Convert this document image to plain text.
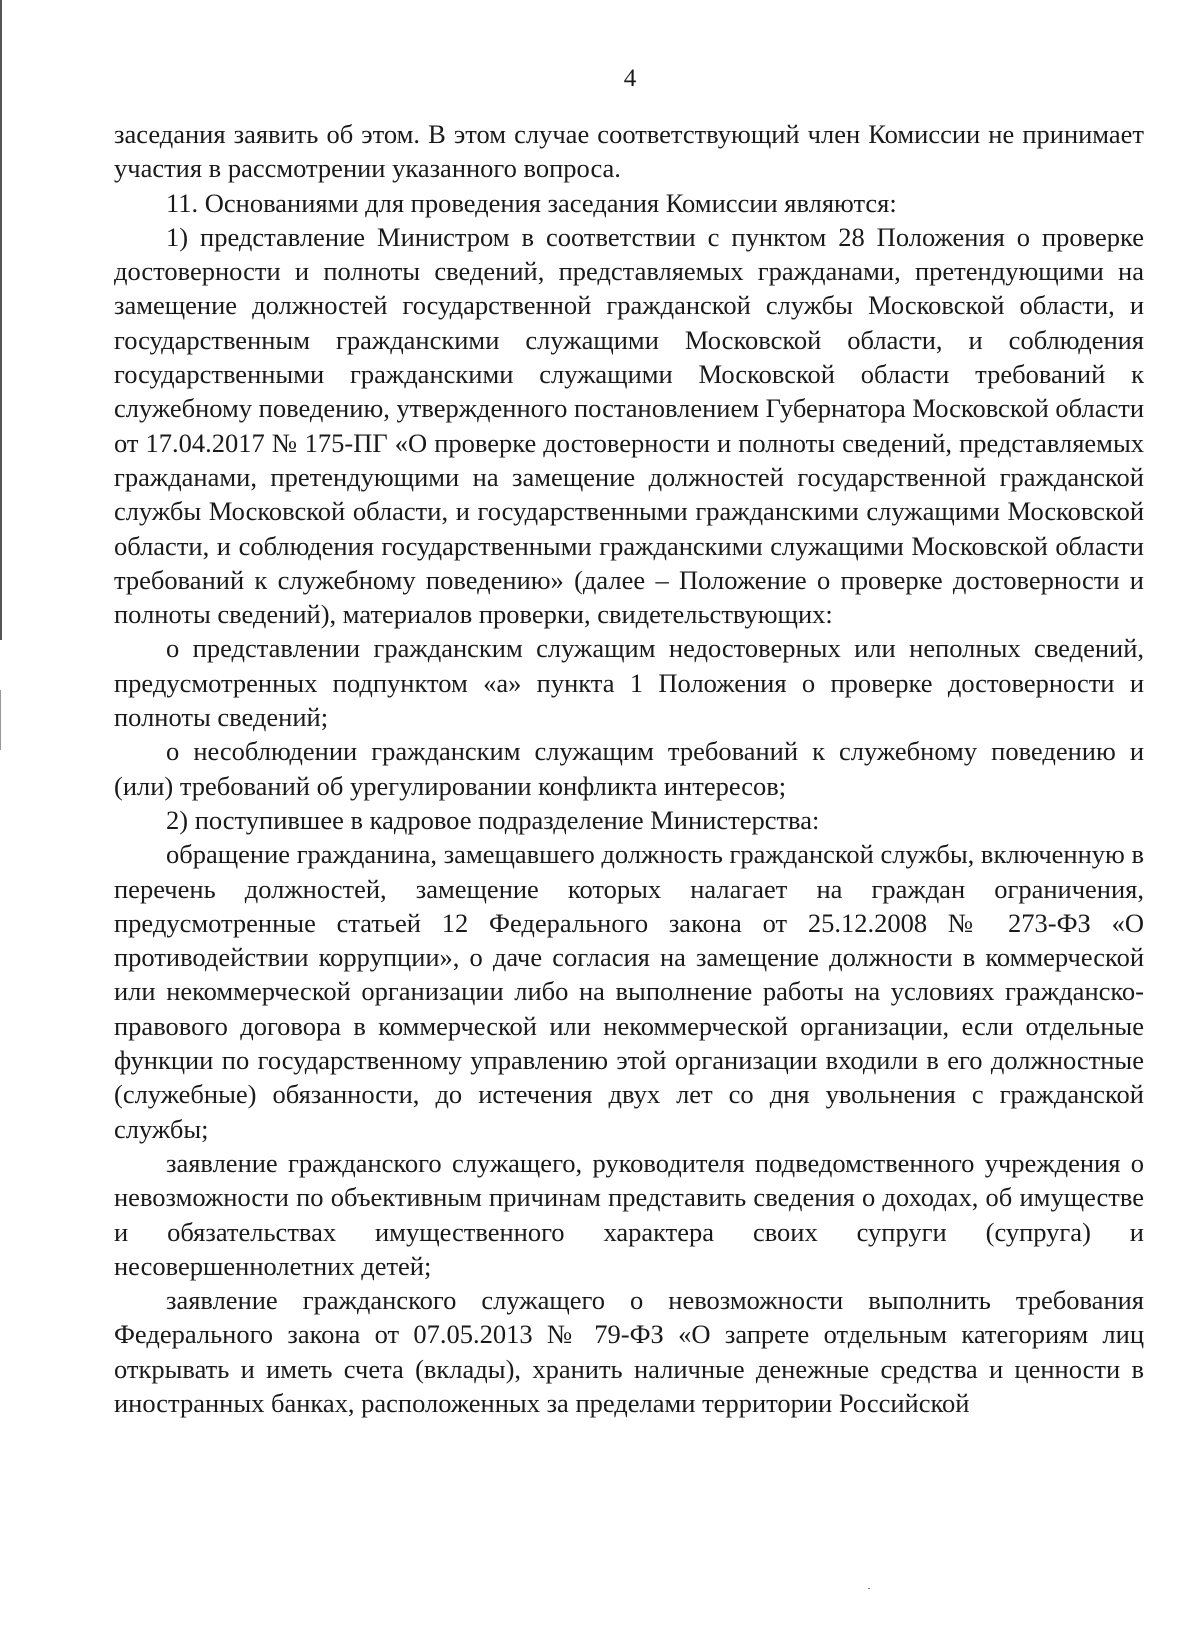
4

заседания заявить об этом. В этом случае соответствующий член Комиссии не принимает участия в рассмотрении указанного вопроса.

11. Основаниями для проведения заседания Комиссии являются:

1) представление Министром в соответствии с пунктом 28 Положения о проверке достоверности и полноты сведений, представляемых гражданами, претендующими на замещение должностей государственной гражданской службы Московской области, и государственным гражданскими служащими Московской области, и соблюдения государственными гражданскими служащими Московской области требований к служебному поведению, утвержденного постановлением Губернатора Московской области от 17.04.2017 № 175-ПГ «О проверке достоверности и полноты сведений, представляемых гражданами, претендующими на замещение должностей государственной гражданской службы Московской области, и государственными гражданскими служащими Московской области, и соблюдения государственными гражданскими служащими Московской области требований к служебному поведению» (далее – Положение о проверке достоверности и полноты сведений), материалов проверки, свидетельствующих:

о представлении гражданским служащим недостоверных или неполных сведений, предусмотренных подпунктом «а» пункта 1 Положения о проверке достоверности и полноты сведений;

о несоблюдении гражданским служащим требований к служебному поведению и (или) требований об урегулировании конфликта интересов;

2) поступившее в кадровое подразделение Министерства:

обращение гражданина, замещавшего должность гражданской службы, включенную в перечень должностей, замещение которых налагает на граждан ограничения, предусмотренные статьей 12 Федерального закона от 25.12.2008 № 273-ФЗ «О противодействии коррупции», о даче согласия на замещение должности в коммерческой или некоммерческой организации либо на выполнение работы на условиях гражданско-правового договора в коммерческой или некоммерческой организации, если отдельные функции по государственному управлению этой организации входили в его должностные (служебные) обязанности, до истечения двух лет со дня увольнения с гражданской службы;

заявление гражданского служащего, руководителя подведомственного учреждения о невозможности по объективным причинам представить сведения о доходах, об имуществе и обязательствах имущественного характера своих супруги (супруга) и несовершеннолетних детей;

заявление гражданского служащего о невозможности выполнить требования Федерального закона от 07.05.2013 № 79-ФЗ «О запрете отдельным категориям лиц открывать и иметь счета (вклады), хранить наличные денежные средства и ценности в иностранных банках, расположенных за пределами территории Российской
